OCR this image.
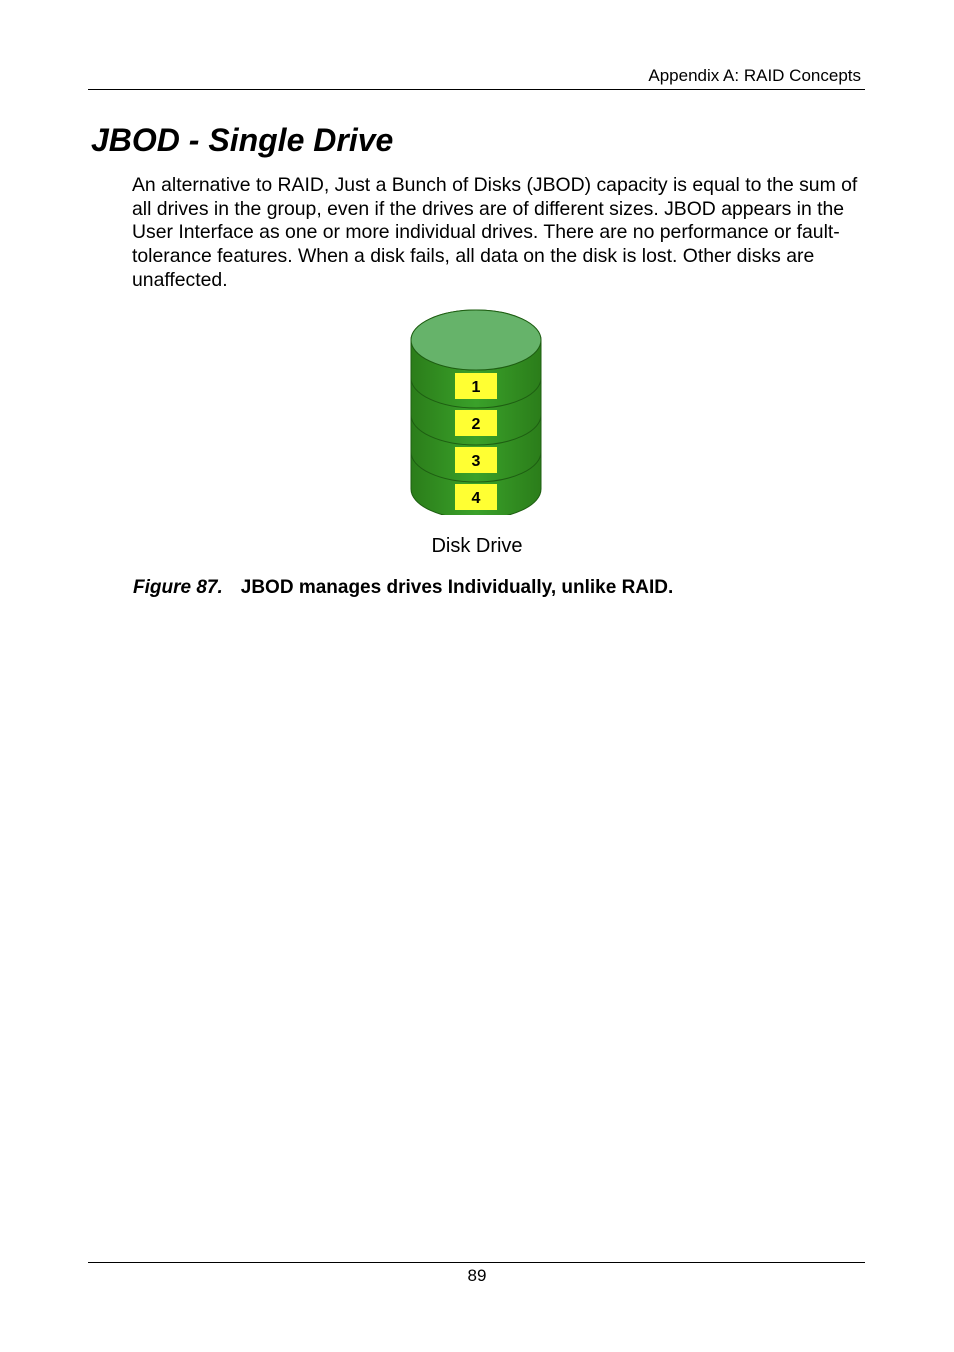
Appendix A: RAID Concepts
JBOD - Single Drive

An alternative to RAID, Just a Bunch of Disks (JBOD) capacity is equal to the sum of all drives in the group, even if the drives are of different sizes. JBOD appears in the User Interface as one or more individual drives. There are no performance or fault-tolerance features. When a disk fails, all data on the disk is lost. Other disks are unaffected.

4
3
2
1
Disk Drive
Figure 87. JBOD manages drives Individually, unlike RAID.
89
